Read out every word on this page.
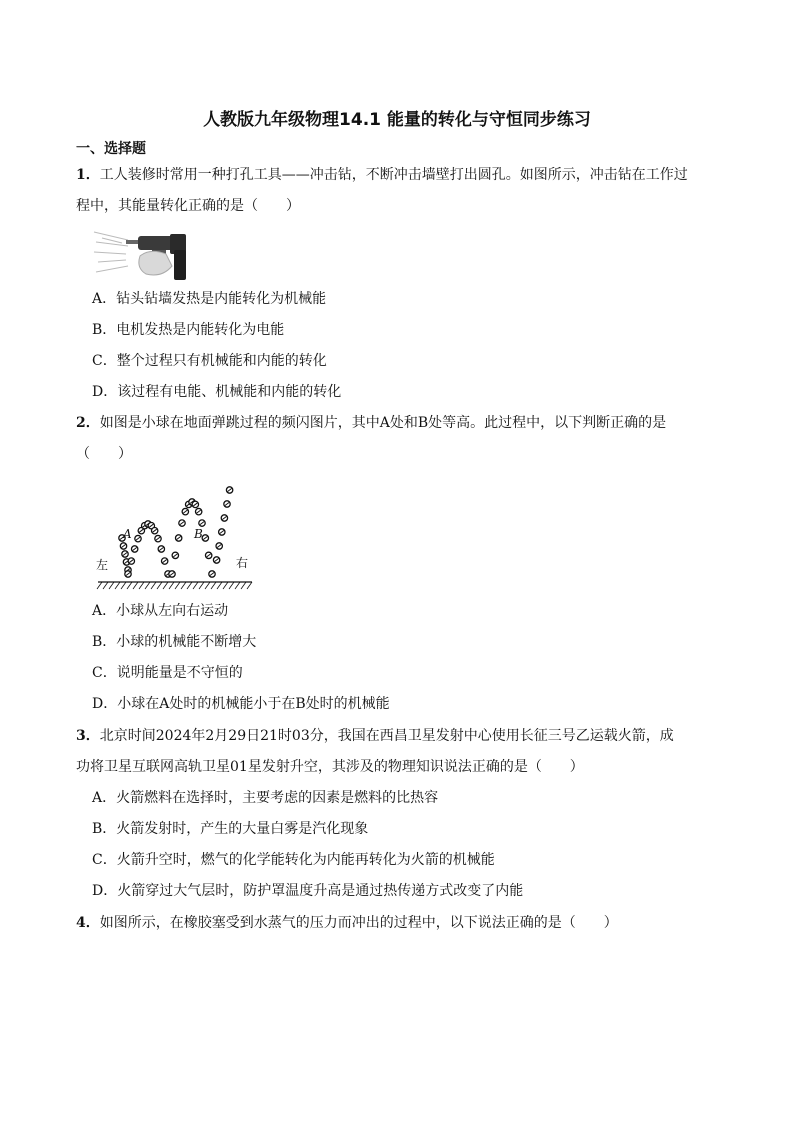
人教版九年级物理14.1 能量的转化与守恒同步练习
一、选择题
1．工人装修时常用一种打孔工具——冲击钻，不断冲击墙壁打出圆孔。如图所示，冲击钻在工作过
程中，其能量转化正确的是（　　）
A．钻头钻墙发热是内能转化为机械能
B．电机发热是内能转化为电能
C．整个过程只有机械能和内能的转化
D．该过程有电能、机械能和内能的转化
2．如图是小球在地面弹跳过程的频闪图片，其中A处和B处等高。此过程中，以下判断正确的是
（　　）
左	右
A	B
A．小球从左向右运动
B．小球的机械能不断增大
C．说明能量是不守恒的
D．小球在A处时的机械能小于在B处时的机械能
3．北京时间2024年2月29日21时03分，我国在西昌卫星发射中心使用长征三号乙运载火箭，成
功将卫星互联网高轨卫星01星发射升空，其涉及的物理知识说法正确的是（　　）
A．火箭燃料在选择时，主要考虑的因素是燃料的比热容
B．火箭发射时，产生的大量白雾是汽化现象
C．火箭升空时，燃气的化学能转化为内能再转化为火箭的机械能
D．火箭穿过大气层时，防护罩温度升高是通过热传递方式改变了内能
4．如图所示，在橡胶塞受到水蒸气的压力而冲出的过程中，以下说法正确的是（　　）
